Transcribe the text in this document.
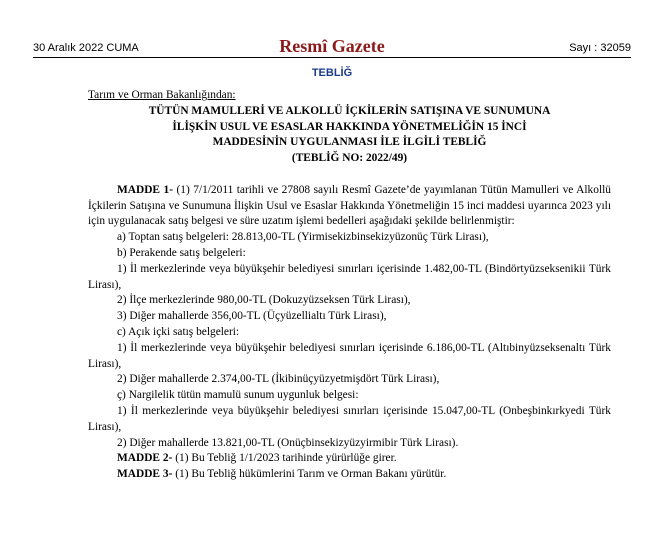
30 Aralık 2022 CUMA	Resmî Gazete	Sayı : 32059
TEBLİĞ
Tarım ve Orman Bakanlığından:
TÜTÜN MAMULLERİ VE ALKOLLÜ İÇKİLERİN SATIŞINA VE SUNUMUNA
İLİŞKİN USUL VE ESASLAR HAKKINDA YÖNETMELİĞİN 15 İNCİ
MADDESİNİN UYGULANMASI İLE İLGİLİ TEBLİĞ
(TEBLİĞ NO: 2022/49)

MADDE 1- (1) 7/1/2011 tarihli ve 27808 sayılı Resmî Gazete’de yayımlanan Tütün Mamulleri ve Alkollü İçkilerin Satışına ve Sunumuna İlişkin Usul ve Esaslar Hakkında Yönetmeliğin 15 inci maddesi uyarınca 2023 yılı için uygulanacak satış belgesi ve süre uzatım işlemi bedelleri aşağıdaki şekilde belirlenmiştir:

a) Toptan satış belgeleri: 28.813,00-TL (Yirmisekizbinsekizyüzonüç Türk Lirası),
b) Perakende satış belgeleri:
1) İl merkezlerinde veya büyükşehir belediyesi sınırları içerisinde 1.482,00-TL (Bindörtyüzseksenikii Türk Lirası),
2) İlçe merkezlerinde 980,00-TL (Dokuzyüzseksen Türk Lirası),
3) Diğer mahallerde 356,00-TL (Üçyüzellialtı Türk Lirası),
c) Açık içki satış belgeleri:
1) İl merkezlerinde veya büyükşehir belediyesi sınırları içerisinde 6.186,00-TL (Altıbinyüzseksenaltı Türk Lirası),
2) Diğer mahallerde 2.374,00-TL (İkibinüçyüzyetmişdört Türk Lirası),
ç) Nargilelik tütün mamulü sunum uygunluk belgesi:
1) İl merkezlerinde veya büyükşehir belediyesi sınırları içerisinde 15.047,00-TL (Onbeşbinkırkyedi Türk Lirası),
2) Diğer mahallerde 13.821,00-TL (Onüçbinsekizyüzyirmibir Türk Lirası).

MADDE 2- (1) Bu Tebliğ 1/1/2023 tarihinde yürürlüğe girer.

MADDE 3- (1) Bu Tebliğ hükümlerini Tarım ve Orman Bakanı yürütür.
